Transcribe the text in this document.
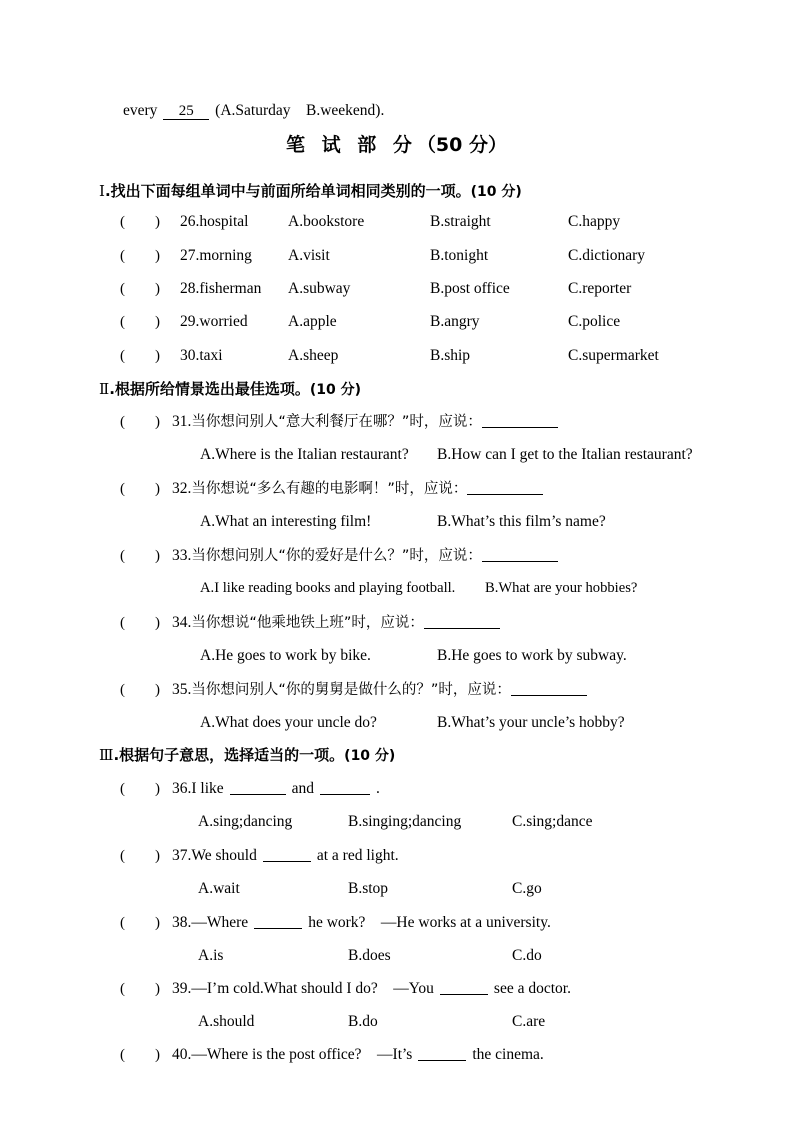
every 25 (A.Saturday B.weekend).
笔 试 部 分（50 分）
Ⅰ.找出下面每组单词中与前面所给单词相同类别的一项。(10 分)
( ) 26.hospital	A.bookstore	B.straight	C.happy
( ) 27.morning A.visit	B.tonight	C.dictionary
( ) 28.fisherman A.subway	B.post office	C.reporter
( ) 29.worried	A.apple	B.angry	C.police
( ) 30.taxi	A.sheep	B.ship	C.supermarket
Ⅱ.根据所给情景选出最佳选项。(10 分)
( ) 31.当你想问别人“意大利餐厅在哪？”时，应说：
A.Where is the Italian restaurant? B.How can I get to the Italian restaurant?
( ) 32.当你想说“多么有趣的电影啊！”时，应说：
A.What an interesting film!	B.What’s this film’s name?
( ) 33.当你想问别人“你的爱好是什么？”时，应说：
A.I like reading books and playing football. B.What are your hobbies?
( ) 34.当你想说“他乘地铁上班”时，应说：
A.He goes to work by bike.	B.He goes to work by subway.
( ) 35.当你想问别人“你的舅舅是做什么的？”时，应说：
A.What does your uncle do?	B.What’s your uncle’s hobby?
Ⅲ.根据句子意思，选择适当的一项。(10 分)
( ) 36.I like	and	.
A.sing;dancing	B.singing;dancing	C.sing;dance
( ) 37.We should	at a red light.
A.wait	B.stop	C.go
( ) 38.—Where	he work? —He works at a university.
A.is	B.does	C.do
( ) 39.—I’m cold.What should I do? —You	see a doctor.
A.should	B.do	C.are
( ) 40.—Where is the post office? —It’s	the cinema.
